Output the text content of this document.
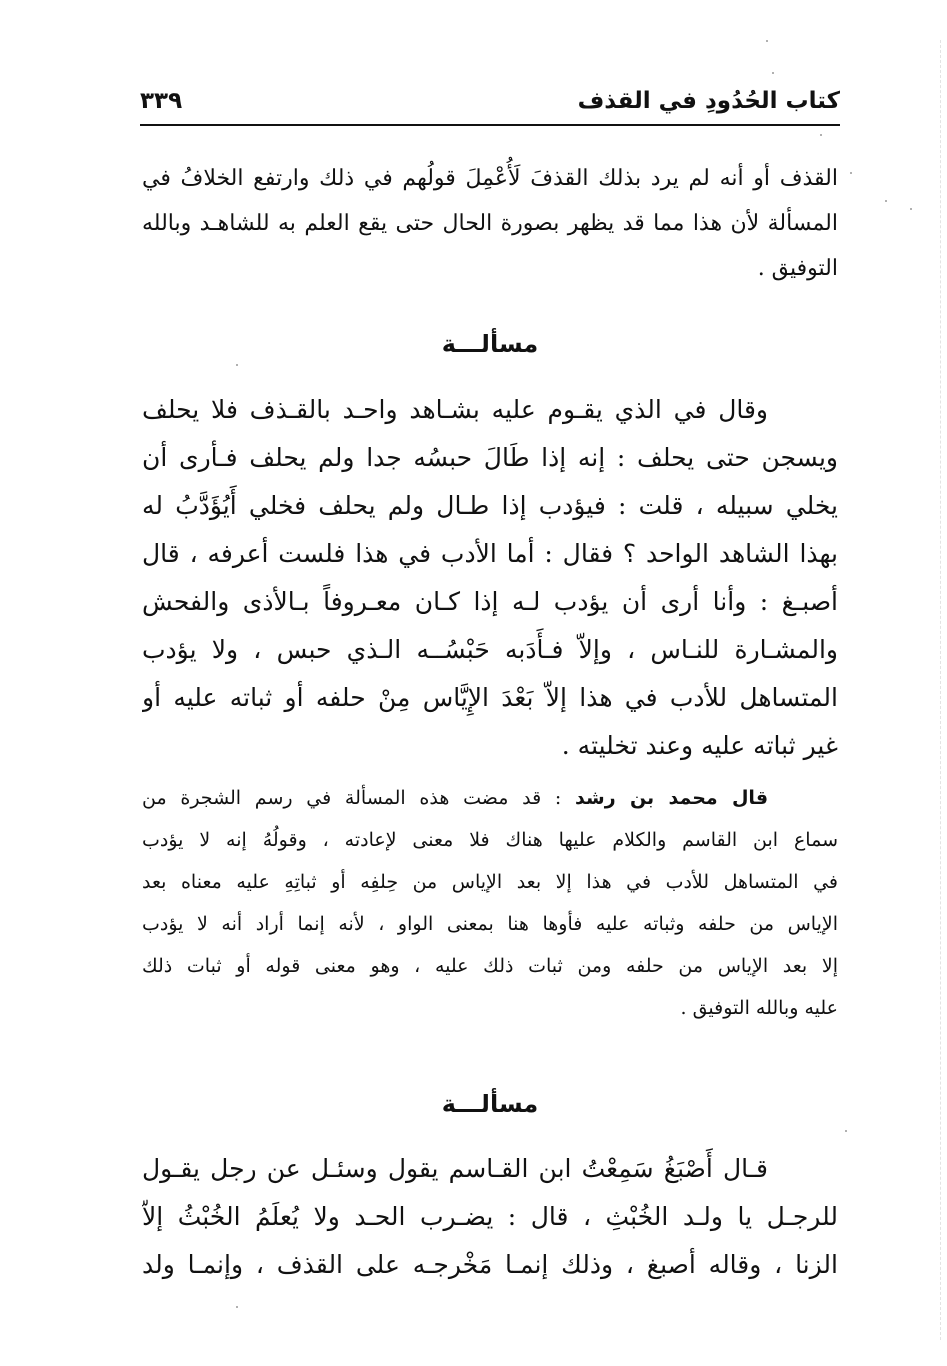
كتاب الحُدُودِ في القذف
٣٣٩
القذف أو أنه لم يرد بذلك القذفَ لَأُعْمِلَ قولُهم في ذلك وارتفع الخلافُ في
المسألة لأن هذا مما قد يظهر بصورة الحال حتى يقع العلم به للشاهـد وبالله
التوفيق .
مسألـــة
وقال في الذي يقـوم عليه بشـاهد واحـد بالقـذف فلا يحلف
ويسجن حتى يحلف : إنه إذا طَالَ حبسُه جدا ولم يحلف فـأرى أن
يخلي سبيله ، قلت : فيؤدب إذا طـال ولم يحلف فخلي أَيُؤَدَّبُ له
بهذا الشاهد الواحد ؟ فقال : أما الأدب في هذا فلست أعرفه ، قال
أصبـغ : وأنا أرى أن يؤدب لـه إذا كـان معـروفاً بـالأذى والفحش
والمشـارة للنـاس ، وإلاّ فـأَدَبه حَبْسُــه الـذي حبس ، ولا يؤدب
المتساهل للأدب في هذا إلاّ بَعْدَ الإِيَّاس مِنْ حلفه أو ثباته عليه أو
غير ثباته عليه وعند تخليته .
قال محمد بن رشد : قد مضت هذه المسألة في رسم الشجرة من
سماع ابن القاسم والكلام عليها هناك فلا معنى لإعادته ، وقولُهُ إنه لا يؤدب
في المتساهل للأدب في هذا إلا بعد الإياس من حِلفِه أو ثباتِهِ عليه معناه بعد
الإياس من حلفه وثباته عليه فأوها هنا بمعنى الواو ، لأنه إنما أراد أنه لا يؤدب
إلا بعد الإياس من حلفه ومن ثبات ذلك عليه ، وهو معنى قوله أو ثبات ذلك
عليه وبالله التوفيق .
مسألـــة
قـال أَصْبَغُ سَمِعْتُ ابن القـاسم يقول وسئـل عن رجل يقـول
للرجـل يا ولـد الخُبْثِ ، قال : يضـرب الحـد ولا يُعلَمُ الخُبْثُ إلاّ
الزنا ، وقاله أصبغ ، وذلك إنمـا مَخْرجـه على القذف ، وإنمـا ولد
